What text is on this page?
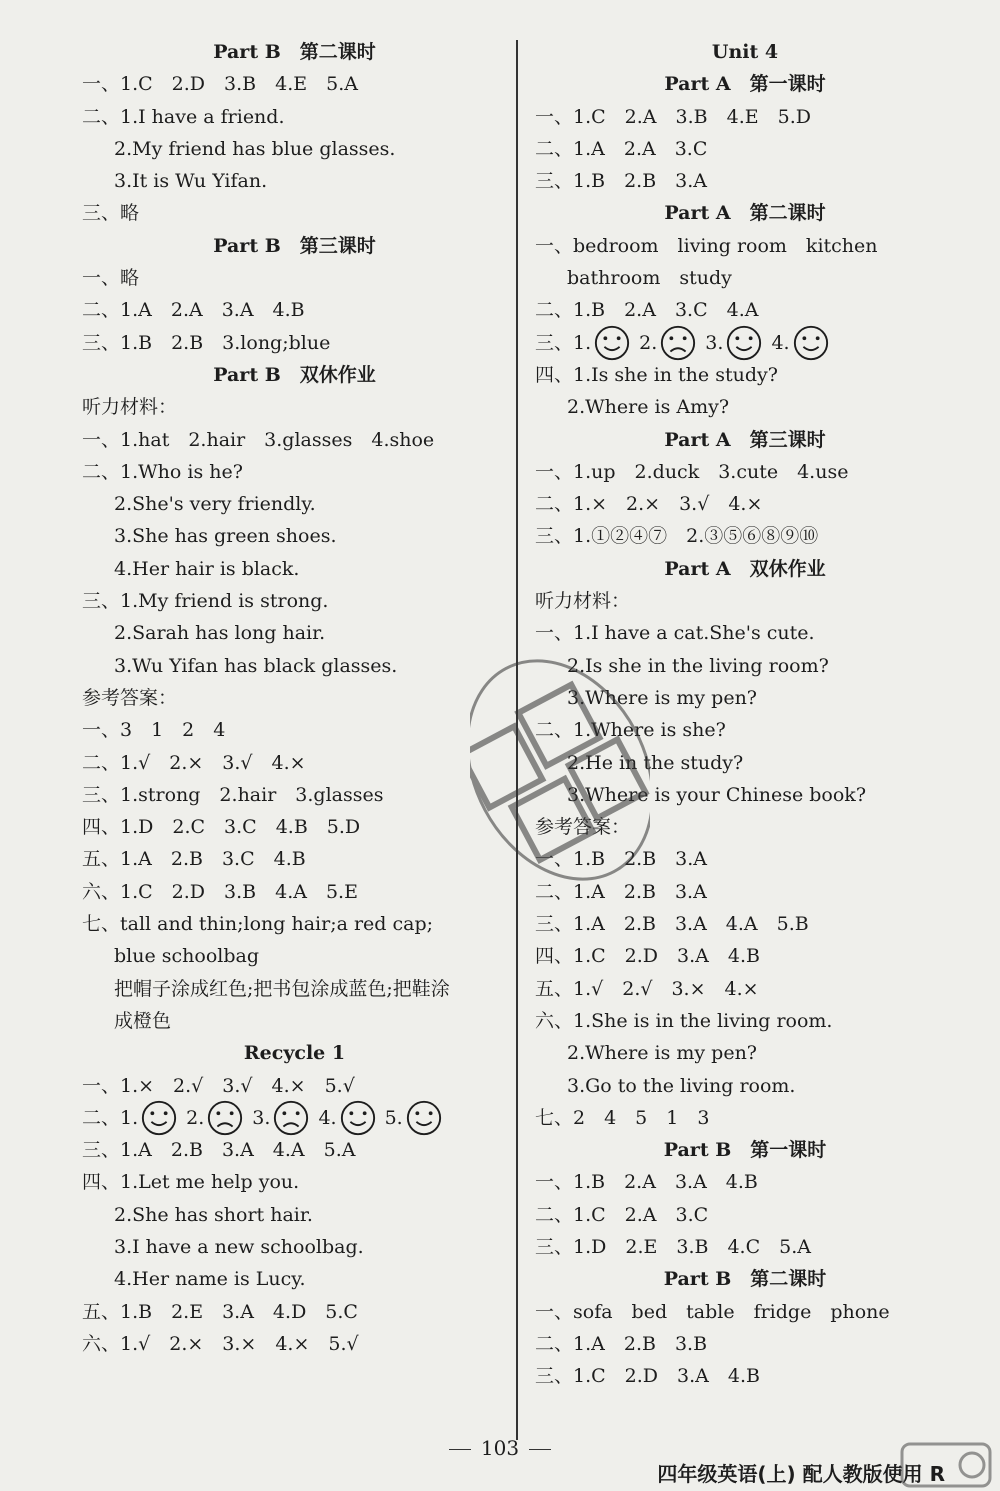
Part B　第二课时
一、1.C　2.D　3.B　4.E　5.A
二、1.I have a friend.
2.My friend has blue glasses.
3.It is Wu Yifan.
三、略
Part B　第三课时
一、略
二、1.A　2.A　3.A　4.B
三、1.B　2.B　3.long;blue
Part B　双休作业
听力材料：
一、1.hat　2.hair　3.glasses　4.shoe
二、1.Who is he?
2.She's very friendly.
3.She has green shoes.
4.Her hair is black.
三、1.My friend is strong.
2.Sarah has long hair.
3.Wu Yifan has black glasses.
参考答案：
一、3　1　2　4
二、1.√　2.×　3.√　4.×
三、1.strong　2.hair　3.glasses
四、1.D　2.C　3.C　4.B　5.D
五、1.A　2.B　3.C　4.B
六、1.C　2.D　3.B　4.A　5.E
七、tall and thin;long hair;a red cap;
blue schoolbag
把帽子涂成红色;把书包涂成蓝色;把鞋涂
成橙色
Recycle 1
一、1.×　2.√　3.√　4.×　5.√
二、 1.	2.	3.	4.	5.
三、1.A　2.B　3.A　4.A　5.A
四、1.Let me help you.
2.She has short hair.
3.I have a new schoolbag.
4.Her name is Lucy.
五、1.B　2.E　3.A　4.D　5.C
六、1.√　2.×　3.×　4.×　5.√
Unit 4
Part A　第一课时
一、1.C　2.A　3.B　4.E　5.D
二、1.A　2.A　3.C
三、1.B　2.B　3.A
Part A　第二课时
一、bedroom　living room　kitchen
bathroom　study
二、1.B　2.A　3.C　4.A
三、 1.	2.	3.	4.
四、1.Is she in the study?
2.Where is Amy?
Part A　第三课时
一、1.up　2.duck　3.cute　4.use
二、1.×　2.×　3.√　4.×
三、1.①②④⑦　2.③⑤⑥⑧⑨⑩
Part A　双休作业
听力材料：
一、1.I have a cat.She's cute.
2.Is she in the living room?
3.Where is my pen?
二、1.Where is she?
2.He in the study?
3.Where is your Chinese book?
参考答案：
一、1.B　2.B　3.A
二、1.A　2.B　3.A
三、1.A　2.B　3.A　4.A　5.B
四、1.C　2.D　3.A　4.B
五、1.√　2.√　3.×　4.×
六、1.She is in the living room.
2.Where is my pen?
3.Go to the living room.
七、2　4　5　1　3
Part B　第一课时
一、1.B　2.A　3.A　4.B
二、1.C　2.A　3.C
三、1.D　2.E　3.B　4.C　5.A
Part B　第二课时
一、sofa　bed　table　fridge　phone
二、1.A　2.B　3.B
三、1.C　2.D　3.A　4.B
103
四年级英语(上) 配人教版使用 R
